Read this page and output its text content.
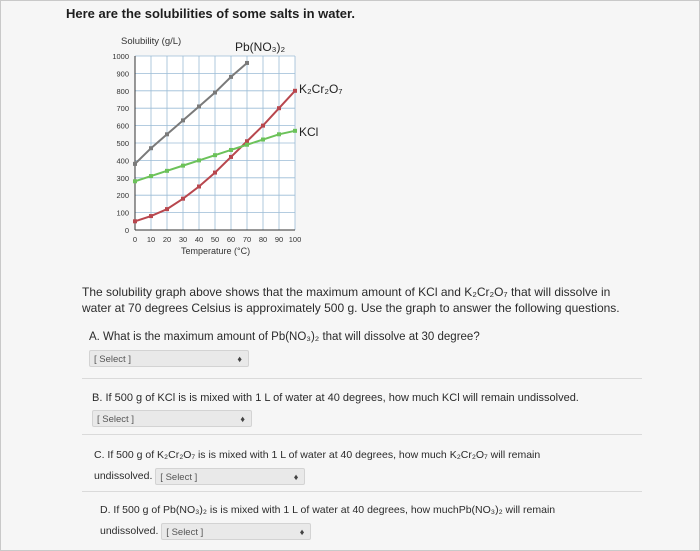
Here are the solubilities of some salts in water.
0 10 20 30 40 50 60 70 80 90 100
0
100
200
300
400
500
600
700
800
900
1000
Solubility (g/L)
Temperature (°C)
Pb(NO₃)₂
K₂Cr₂O₇
KCl
The solubility graph above shows that the maximum amount of KCl and K₂Cr₂O₇ that will dissolve in water at 70 degrees Celsius is approximately 500 g. Use the graph to answer the following questions.
A. What is the maximum amount of Pb(NO₃)₂ that will dissolve at 30 degree?
[ Select ]	♦
B. If 500 g of KCl is is mixed with 1 L of water at 40 degrees, how much KCl will remain undissolved.
[ Select ]	♦
C. If 500 g of K₂Cr₂O₇ is is mixed with 1 L of water at 40 degrees, how much K₂Cr₂O₇ will remain
undissolved. [ Select ]	♦
D. If 500 g of Pb(NO₃)₂ is is mixed with 1 L of water at 40 degrees, how muchPb(NO₃)₂ will remain
undissolved. [ Select ]	♦
